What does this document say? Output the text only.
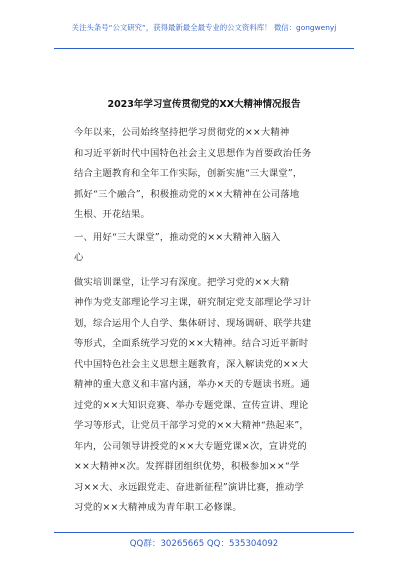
关注头条号“公文研究”，获得最新最全最专业的公文资料库！ 微信：gongwenyj
2023年学习宣传贯彻党的XX大精神情况报告

今年以来，公司始终坚持把学习贯彻党的××大精神
和习近平新时代中国特色社会主义思想作为首要政治任务
结合主题教育和全年工作实际，创新实施“三大课堂”，
抓好“三个融合”，积极推动党的××大精神在公司落地
生根、开花结果。

一、用好“三大课堂”，推动党的××大精神入脑入
心

做实培训课堂，让学习有深度。把学习党的××大精
神作为党支部理论学习主课，研究制定党支部理论学习计
划，综合运用个人自学、集体研讨、现场调研、联学共建
等形式，全面系统学习党的××大精神。结合习近平新时
代中国特色社会主义思想主题教育，深入解读党的××大
精神的重大意义和丰富内涵，举办×天的专题读书班。通
过党的××大知识竞赛、举办专题党课、宣传宣讲、理论
学习等形式，让党员干部学习党的××大精神“热起来”，
年内，公司领导讲授党的××大专题党课×次，宣讲党的
××大精神×次。发挥群团组织优势，积极参加××“学
习××大、永远跟党走、奋进新征程”演讲比赛，推动学
习党的××大精神成为青年职工必修课。

QQ群：30265665 QQ：535304092
